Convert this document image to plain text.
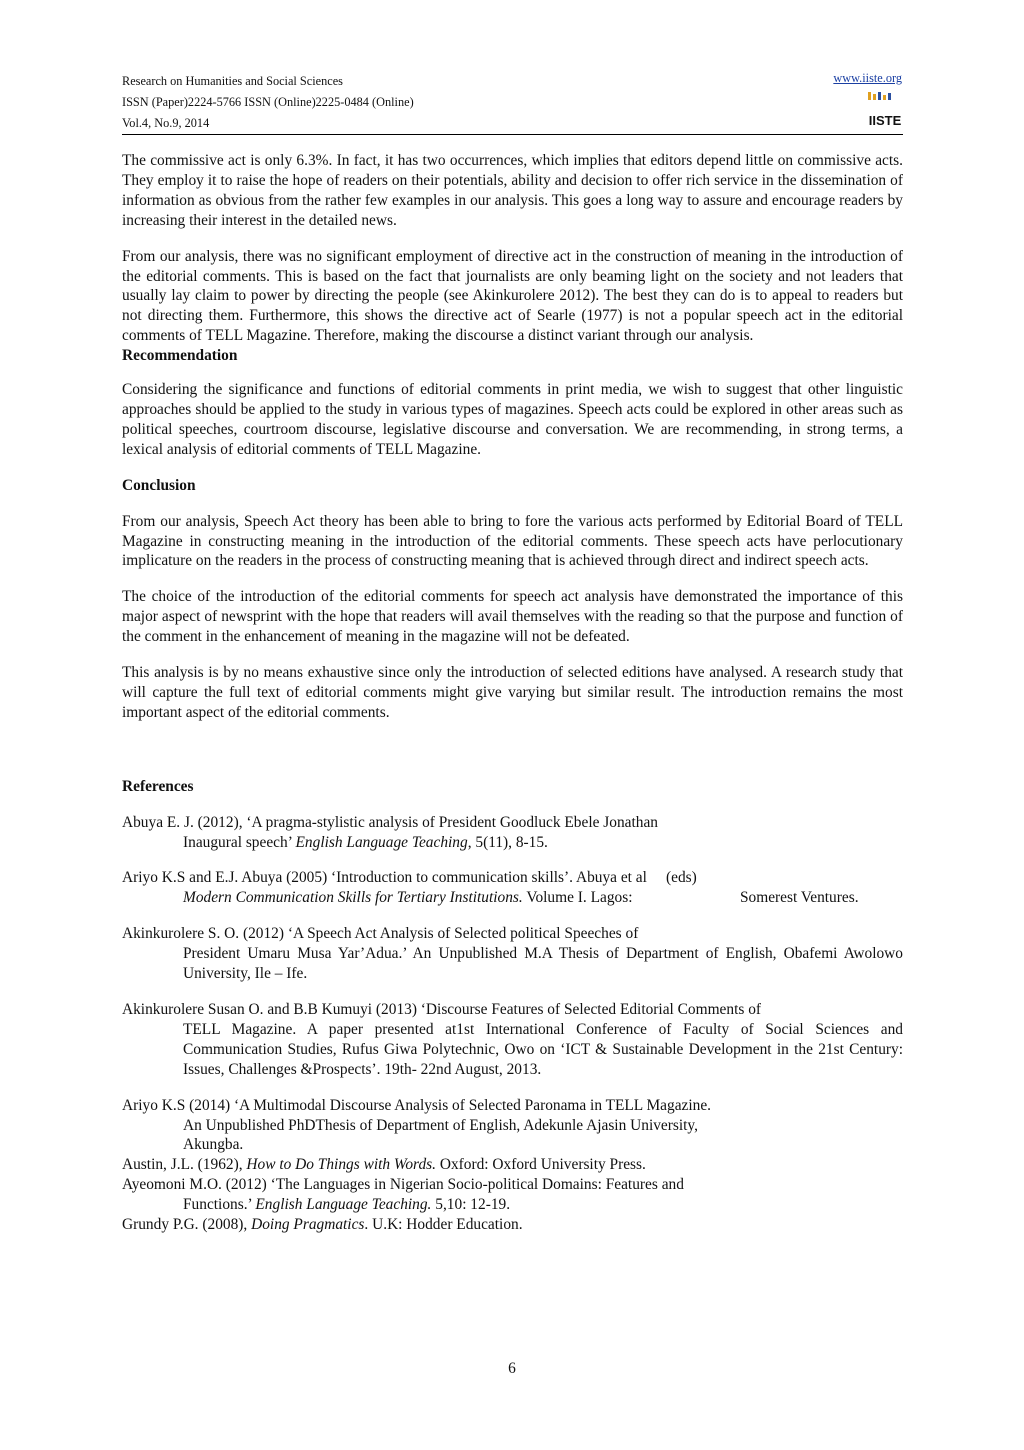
Research on Humanities and Social Sciences
ISSN (Paper)2224-5766 ISSN (Online)2225-0484 (Online)
Vol.4, No.9, 2014
www.iiste.org
IISTE

The commissive act is only 6.3%. In fact, it has two occurrences, which implies that editors depend little on commissive acts. They employ it to raise the hope of readers on their potentials, ability and decision to offer rich service in the dissemination of information as obvious from the rather few examples in our analysis. This goes a long way to assure and encourage readers by increasing their interest in the detailed news.

From our analysis, there was no significant employment of directive act in the construction of meaning in the introduction of the editorial comments. This is based on the fact that journalists are only beaming light on the society and not leaders that usually lay claim to power by directing the people (see Akinkurolere 2012). The best they can do is to appeal to readers but not directing them. Furthermore, this shows the directive act of Searle (1977) is not a popular speech act in the editorial comments of TELL Magazine. Therefore, making the discourse a distinct variant through our analysis.

Recommendation

Considering the significance and functions of editorial comments in print media, we wish to suggest that other linguistic approaches should be applied to the study in various types of magazines. Speech acts could be explored in other areas such as political speeches, courtroom discourse, legislative discourse and conversation. We are recommending, in strong terms, a lexical analysis of editorial comments of TELL Magazine.

Conclusion

From our analysis, Speech Act theory has been able to bring to fore the various acts performed by Editorial Board of TELL Magazine in constructing meaning in the introduction of the editorial comments. These speech acts have perlocutionary implicature on the readers in the process of constructing meaning that is achieved through direct and indirect speech acts.

The choice of the introduction of the editorial comments for speech act analysis have demonstrated the importance of this major aspect of newsprint with the hope that readers will avail themselves with the reading so that the purpose and function of the comment in the enhancement of meaning in the magazine will not be defeated.

This analysis is by no means exhaustive since only the introduction of selected editions have analysed. A research study that will capture the full text of editorial comments might give varying but similar result. The introduction remains the most important aspect of the editorial comments.

References
Abuya E. J. (2012), ‘A pragma-stylistic analysis of President Goodluck Ebele Jonathan
Inaugural speech’ English Language Teaching, 5(11), 8-15.
Ariyo K.S and E.J. Abuya (2005) ‘Introduction to communication skills’. Abuya et al	(eds)
Modern Communication Skills for Tertiary Institutions. Volume I. Lagos:	Somerest Ventures.
Akinkurolere S. O. (2012) ‘A Speech Act Analysis of Selected political Speeches of
President Umaru Musa Yar’Adua.’ An Unpublished M.A Thesis of Department of English, Obafemi Awolowo University, Ile – Ife.
Akinkurolere Susan O. and B.B Kumuyi (2013) ‘Discourse Features of Selected Editorial Comments of
TELL Magazine. A paper presented at1st International Conference of Faculty of Social Sciences and Communication Studies, Rufus Giwa Polytechnic, Owo on ‘ICT & Sustainable Development in the 21st Century: Issues, Challenges &Prospects’. 19th- 22nd August, 2013.
Ariyo K.S (2014) ‘A Multimodal Discourse Analysis of Selected Paronama in TELL Magazine.
An Unpublished PhDThesis of Department of English, Adekunle Ajasin University,
Akungba.
Austin, J.L. (1962), How to Do Things with Words. Oxford: Oxford University Press.
Ayeomoni M.O. (2012) ‘The Languages in Nigerian Socio-political Domains: Features and
Functions.’ English Language Teaching. 5,10: 12-19.
Grundy P.G. (2008), Doing Pragmatics. U.K: Hodder Education.
6
